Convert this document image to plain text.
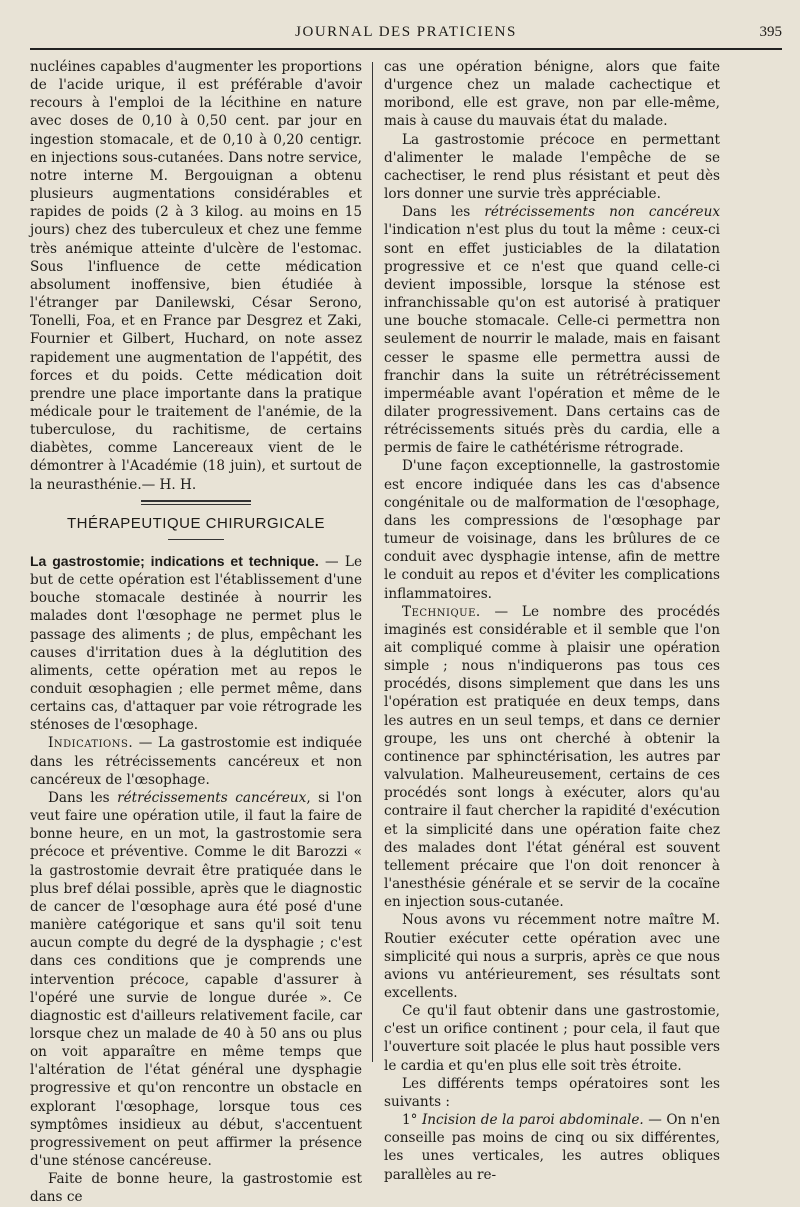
JOURNAL DES PRATICIENS	395

nucléines capables d'augmenter les proportions de l'acide urique, il est préférable d'avoir recours à l'emploi de la lécithine en nature avec doses de 0,10 à 0,50 cent. par jour en ingestion stomacale, et de 0,10 à 0,20 centigr. en injections sous-cutanées. Dans notre service, notre interne M. Bergouignan a obtenu plusieurs augmentations considérables et rapides de poids (2 à 3 kilog. au moins en 15 jours) chez des tuberculeux et chez une femme très anémique atteinte d'ulcère de l'estomac. Sous l'influence de cette médication absolument inoffensive, bien étudiée à l'étranger par Danilewski, César Serono, Tonelli, Foa, et en France par Desgrez et Zaki, Fournier et Gilbert, Huchard, on note assez rapidement une augmentation de l'appétit, des forces et du poids. Cette médication doit prendre une place importante dans la pratique médicale pour le traitement de l'anémie, de la tuberculose, du rachitisme, de certains diabètes, comme Lancereaux vient de le démontrer à l'Académie (18 juin), et surtout de la neurasthénie.— H. H.

THÉRAPEUTIQUE CHIRURGICALE

La gastrostomie; indications et technique. — Le but de cette opération est l'établissement d'une bouche stomacale destinée à nourrir les malades dont l'œsophage ne permet plus le passage des aliments ; de plus, empêchant les causes d'irritation dues à la déglutition des aliments, cette opération met au repos le conduit œsophagien ; elle permet même, dans certains cas, d'attaquer par voie rétrograde les sténoses de l'œsophage.

Indications. — La gastrostomie est indiquée dans les rétrécissements cancéreux et non cancéreux de l'œsophage.

Dans les rétrécissements cancéreux, si l'on veut faire une opération utile, il faut la faire de bonne heure, en un mot, la gastrostomie sera précoce et préventive. Comme le dit Barozzi « la gastrostomie devrait être pratiquée dans le plus bref délai possible, après que le diagnostic de cancer de l'œsophage aura été posé d'une manière catégorique et sans qu'il soit tenu aucun compte du degré de la dysphagie ; c'est dans ces conditions que je comprends une intervention précoce, capable d'assurer à l'opéré une survie de longue durée ». Ce diagnostic est d'ailleurs relativement facile, car lorsque chez un malade de 40 à 50 ans ou plus on voit apparaître en même temps que l'altération de l'état général une dysphagie progressive et qu'on rencontre un obstacle en explorant l'œsophage, lorsque tous ces symptômes insidieux au début, s'accentuent progressivement on peut affirmer la présence d'une sténose cancéreuse.

Faite de bonne heure, la gastrostomie est dans ce

cas une opération bénigne, alors que faite d'urgence chez un malade cachectique et moribond, elle est grave, non par elle-même, mais à cause du mauvais état du malade.

La gastrostomie précoce en permettant d'alimenter le malade l'empêche de se cachectiser, le rend plus résistant et peut dès lors donner une survie très appréciable.

Dans les rétrécissements non cancéreux l'indication n'est plus du tout la même : ceux-ci sont en effet justiciables de la dilatation progressive et ce n'est que quand celle-ci devient impossible, lorsque la sténose est infranchissable qu'on est autorisé à pratiquer une bouche stomacale. Celle-ci permettra non seulement de nourrir le malade, mais en faisant cesser le spasme elle permettra aussi de franchir dans la suite un rétrétrécissement imperméable avant l'opération et même de le dilater progressivement. Dans certains cas de rétrécissements situés près du cardia, elle a permis de faire le cathétérisme rétrograde.

D'une façon exceptionnelle, la gastrostomie est encore indiquée dans les cas d'absence congénitale ou de malformation de l'œsophage, dans les compressions de l'œsophage par tumeur de voisinage, dans les brûlures de ce conduit avec dysphagie intense, afin de mettre le conduit au repos et d'éviter les complications inflammatoires.

Technique. — Le nombre des procédés imaginés est considérable et il semble que l'on ait compliqué comme à plaisir une opération simple ; nous n'indiquerons pas tous ces procédés, disons simplement que dans les uns l'opération est pratiquée en deux temps, dans les autres en un seul temps, et dans ce dernier groupe, les uns ont cherché à obtenir la continence par sphinctérisation, les autres par valvulation. Malheureusement, certains de ces procédés sont longs à exécuter, alors qu'au contraire il faut chercher la rapidité d'exécution et la simplicité dans une opération faite chez des malades dont l'état général est souvent tellement précaire que l'on doit renoncer à l'anesthésie générale et se servir de la cocaïne en injection sous-cutanée.

Nous avons vu récemment notre maître M. Routier exécuter cette opération avec une simplicité qui nous a surpris, après ce que nous avions vu antérieurement, ses résultats sont excellents.

Ce qu'il faut obtenir dans une gastrostomie, c'est un orifice continent ; pour cela, il faut que l'ouverture soit placée le plus haut possible vers le cardia et qu'en plus elle soit très étroite.

Les différents temps opératoires sont les suivants :

1° Incision de la paroi abdominale. — On n'en conseille pas moins de cinq ou six différentes, les unes verticales, les autres obliques parallèles au re-
